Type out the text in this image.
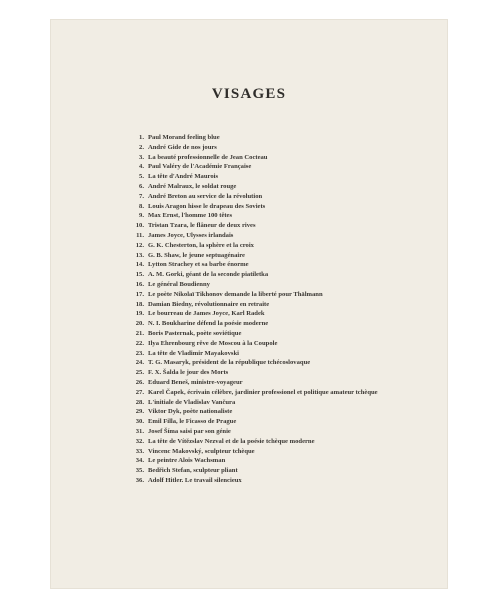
VISAGES
1. Paul Morand feeling blue
2. André Gide de nos jours
3. La beauté professionnelle de Jean Cocteau
4. Paul Valéry de l'Académie Française
5. La tête d'André Maurois
6. André Malraux, le soldat rouge
7. André Breton au service de la révolution
8. Louis Aragon hisse le drapeau des Soviets
9. Max Ernst, l'homme 100 têtes
10. Tristan Tzara, le flâneur de deux rives
11. James Joyce, Ulysses irlandais
12. G. K. Chesterton, la sphère et la croix
13. G. B. Shaw, le jeune septuagénaire
14. Lytton Strachey et sa barbe énorme
15. A. M. Gorki, géant de la seconde piatiletka
16. Le général Boudienny
17. Le poète Nikolaï Tikhonov demande la liberté pour Thälmann
18. Damian Biedny, révolutionnaire en retraite
19. Le bourreau de James Joyce, Karl Radek
20. N. I. Boukharine défend la poésie moderne
21. Boris Pasternak, poète soviétique
22. Ilya Ehrenbourg rêve de Moscou à la Coupole
23. La tête de Vladimir Mayakovski
24. T. G. Masaryk, président de la république tchécoslovaque
25. F. X. Šalda le jour des Morts
26. Eduard Beneš, ministre-voyageur
27. Karel Čapek, écrivain célèbre, jardinier professionel et politique amateur tchèque
28. L'initiale de Vladislav Vančura
29. Viktor Dyk, poète nationaliste
30. Emil Filla, le Ficasso de Prague
31. Josef Šíma saisi par son génie
32. La tête de Vítězslav Nezval et de la poésie tchèque moderne
33. Vincenc Makovský, sculpteur tchèque
34. Le peintre Alois Wachsman
35. Bedřich Stefan, sculpteur pliant
36. Adolf Hitler. Le travail silencieux
